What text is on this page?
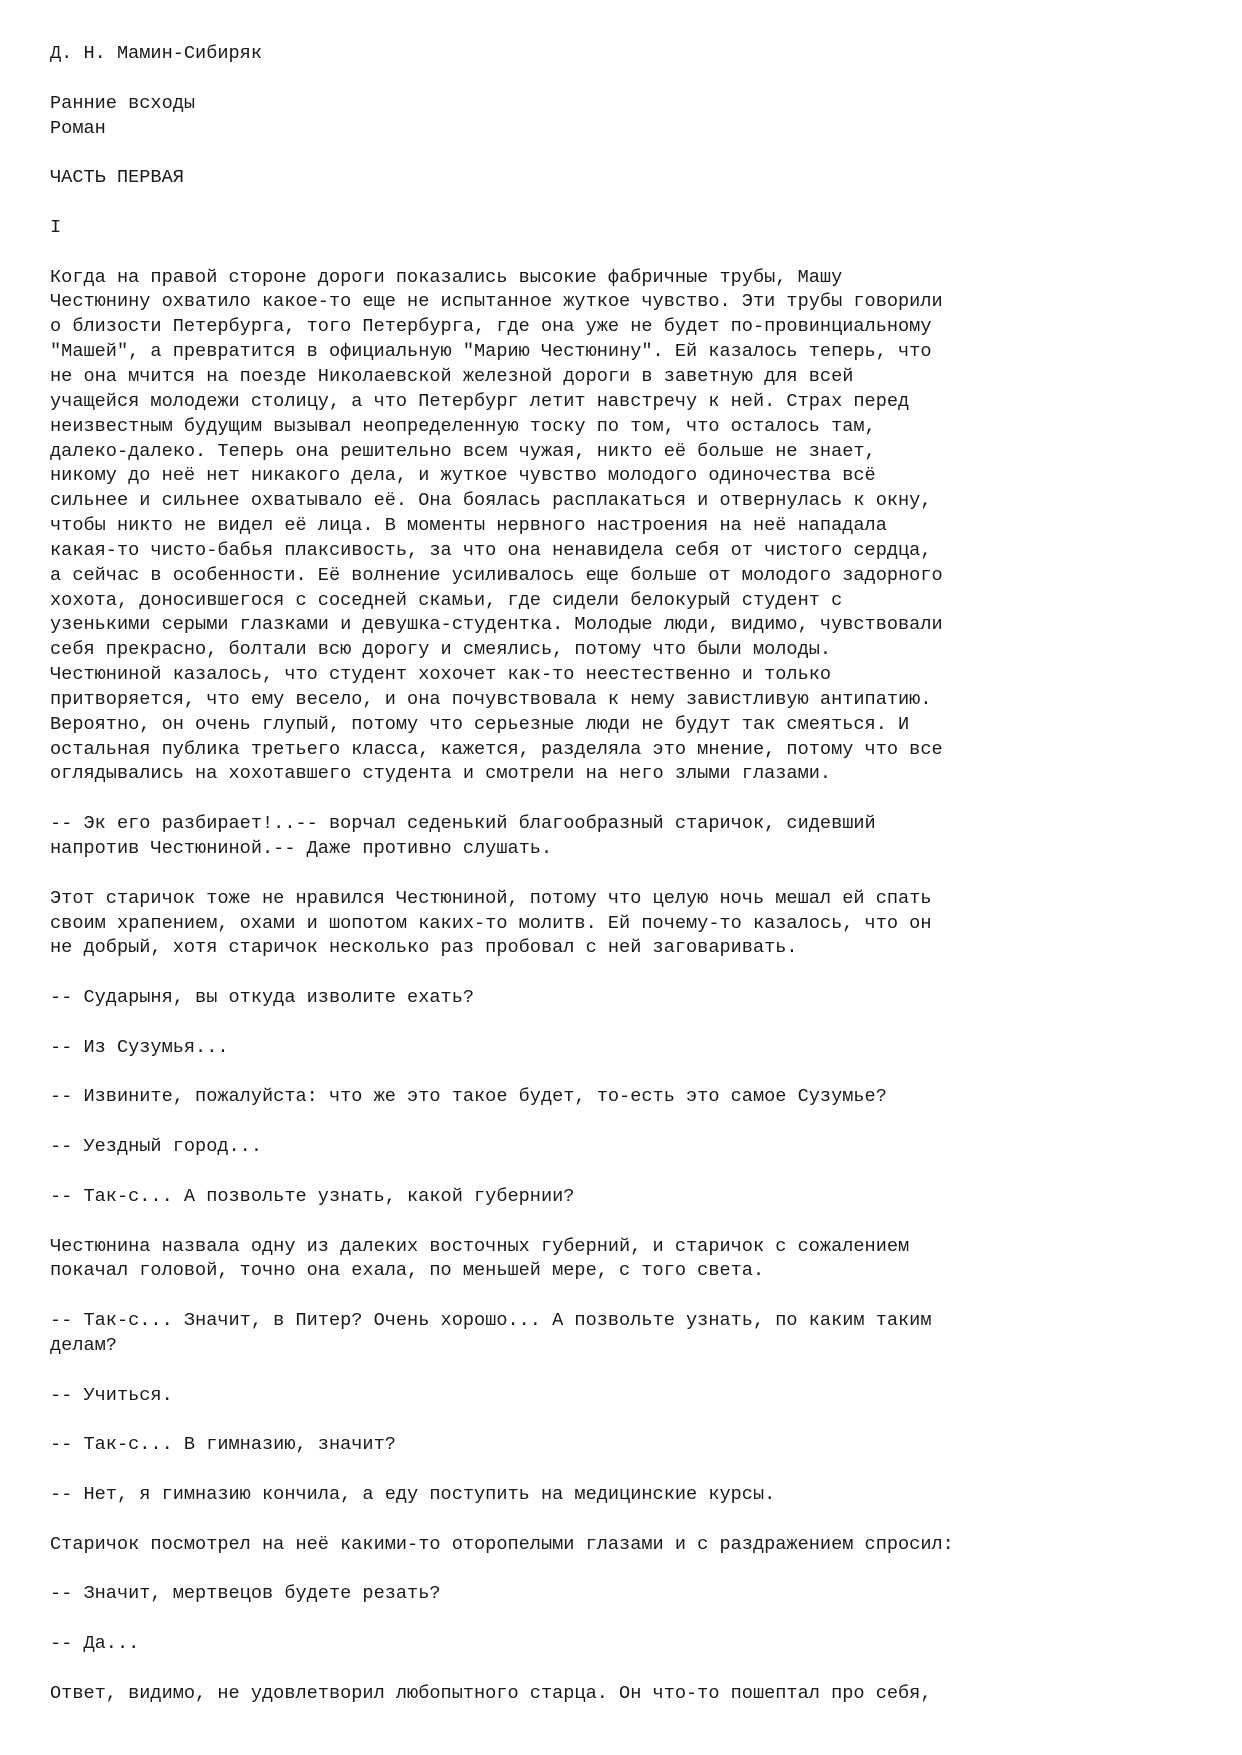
Д. Н. Мамин-Сибиряк
Ранние всходы
Роман
ЧАСТЬ ПЕРВАЯ
I
Когда на правой стороне дороги показались высокие фабричные трубы, Машу
Честюнину охватило какое-то еще не испытанное жуткое чувство. Эти трубы говорили
о близости Петербурга, того Петербурга, где она уже не будет по-провинциальному
"Машей", а превратится в официальную "Марию Честюнину". Ей казалось теперь, что
не она мчится на поезде Николаевской железной дороги в заветную для всей
учащейся молодежи столицу, а что Петербург летит навстречу к ней. Страх перед
неизвестным будущим вызывал неопределенную тоску по том, что осталось там,
далеко-далеко. Теперь она решительно всем чужая, никто её больше не знает,
никому до неё нет никакого дела, и жуткое чувство молодого одиночества всё
сильнее и сильнее охватывало её. Она боялась расплакаться и отвернулась к окну,
чтобы никто не видел её лица. В моменты нервного настроения на неё нападала
какая-то чисто-бабья плаксивость, за что она ненавидела себя от чистого сердца,
а сейчас в особенности. Её волнение усиливалось еще больше от молодого задорного
хохота, доносившегося с соседней скамьи, где сидели белокурый студент с
узенькими серыми глазками и девушка-студентка. Молодые люди, видимо, чувствовали
себя прекрасно, болтали всю дорогу и смеялись, потому что были молоды.
Честюниной казалось, что студент хохочет как-то неестественно и только
притворяется, что ему весело, и она почувствовала к нему завистливую антипатию.
Вероятно, он очень глупый, потому что серьезные люди не будут так смеяться. И
остальная публика третьего класса, кажется, разделяла это мнение, потому что все
оглядывались на хохотавшего студента и смотрели на него злыми глазами.
-- Эк его разбирает!..-- ворчал седенький благообразный старичок, сидевший
напротив Честюниной.-- Даже противно слушать.
Этот старичок тоже не нравился Честюниной, потому что целую ночь мешал ей спать
своим храпением, охами и шопотом каких-то молитв. Ей почему-то казалось, что он
не добрый, хотя старичок несколько раз пробовал с ней заговаривать.
-- Сударыня, вы откуда изволите ехать?
-- Из Сузумья...
-- Извините, пожалуйста: что же это такое будет, то-есть это самое Сузумье?
-- Уездный город...
-- Так-с... А позвольте узнать, какой губернии?
Честюнина назвала одну из далеких восточных губерний, и старичок с сожалением
покачал головой, точно она ехала, по меньшей мере, с того света.
-- Так-с... Значит, в Питер? Очень хорошо... А позвольте узнать, по каким таким
делам?
-- Учиться.
-- Так-с... В гимназию, значит?
-- Нет, я гимназию кончила, а еду поступить на медицинские курсы.
Старичок посмотрел на неё какими-то оторопелыми глазами и с раздражением спросил:
-- Значит, мертвецов будете резать?
-- Да...
Ответ, видимо, не удовлетворил любопытного старца. Он что-то пошептал про себя,
